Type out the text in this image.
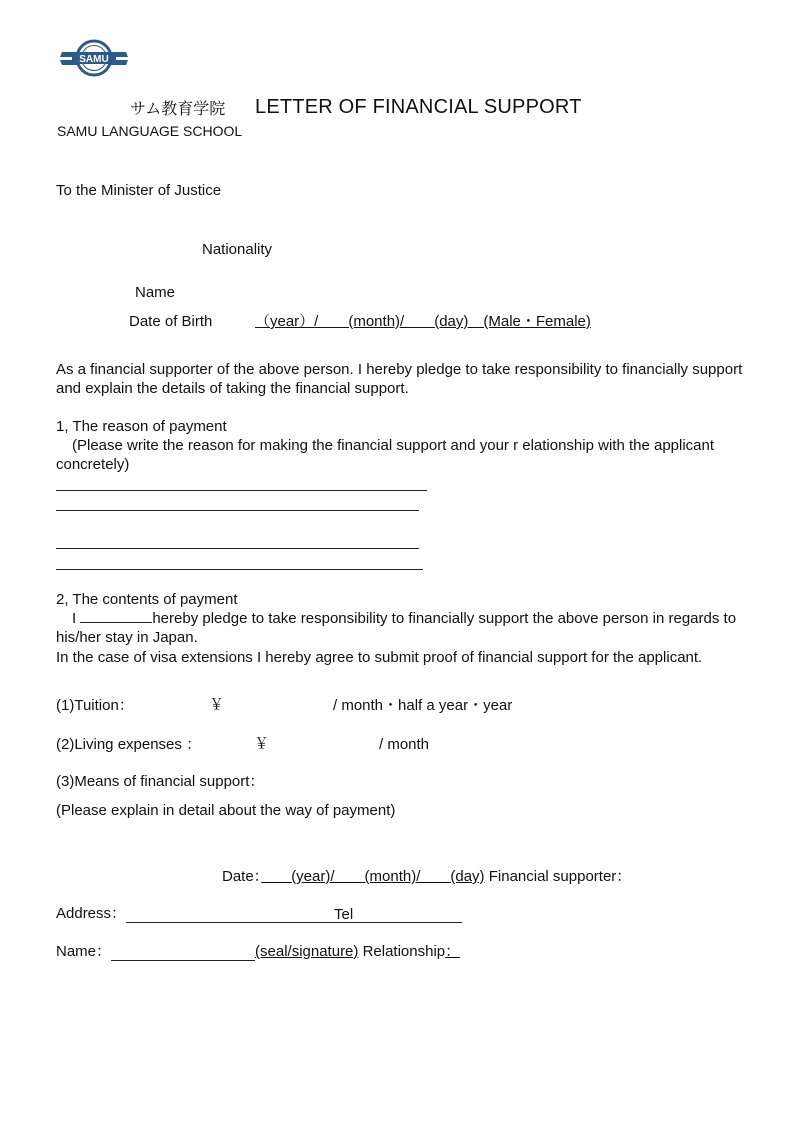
SAMU
サム教育学院 LETTER OF FINANCIAL SUPPORT
SAMU LANGUAGE SCHOOL
To the Minister of Justice
Nationality
Name
Date of Birth	（year）/　　(month)/　　(day)　(Male・Female)
As a financial supporter of the above person. I hereby pledge to take responsibility to financially support and explain the details of taking the financial support.
1, The reason of payment
(Please write the reason for making the financial support and your r elationship with the applicant concretely)
2, The contents of payment
I	hereby pledge to take responsibility to financially support the above person in regards to his/her stay in Japan.
In the case of visa extensions I hereby agree to submit proof of financial support for the applicant.
(1)Tuition：	￥	/ month・half a year・year
(2)Living expenses ：	￥	/ month
(3)Means of financial support：
(Please explain in detail about the way of payment)
Date：　　(year)/　　(month)/　　(day) Financial supporter：
Address：	Tel
Name：	(seal/signature) Relationship：
